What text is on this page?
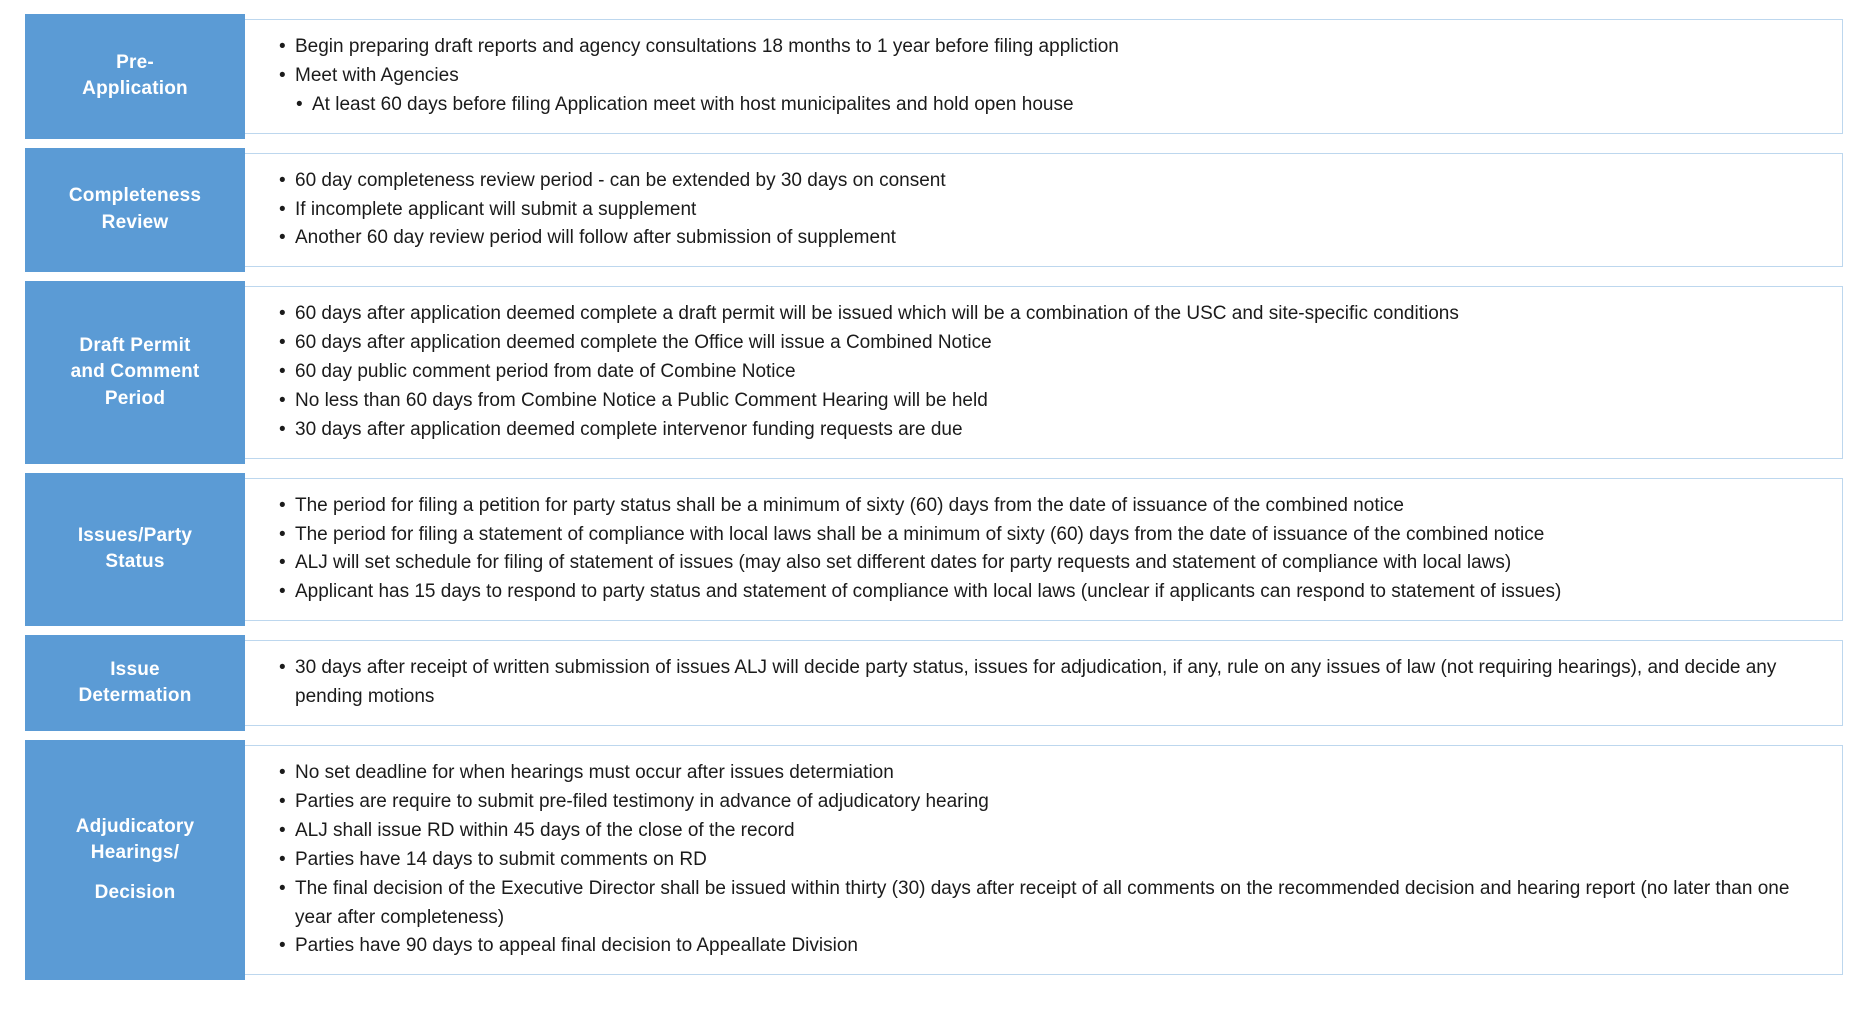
• Begin preparing draft reports and agency consultations 18 months to 1 year before filing appliction
• Meet with Agencies
• At least 60 days before filing Application meet with host municipalites and hold open house
Pre-
Application
• 60 day completeness review period - can be extended by 30 days on consent
• If incomplete applicant will submit a supplement
• Another 60 day review period will follow after submission of supplement
Completeness
Review
• 60 days after application deemed complete a draft permit will be issued which will be a combination of the USC and site-specific conditions
• 60 days after application deemed complete the Office will issue a Combined Notice
• 60 day public comment period from date of Combine Notice
• No less than 60 days from Combine Notice a Public Comment Hearing will be held
• 30 days after application deemed complete intervenor funding requests are due
Draft Permit
and Comment
Period
• The period for filing a petition for party status shall be a minimum of sixty (60) days from the date of issuance of the combined notice
• The period for filing a statement of compliance with local laws shall be a minimum of sixty (60) days from the date of issuance of the combined notice
• ALJ will set schedule for filing of statement of issues (may also set different dates for party requests and statement of compliance with local laws)
• Applicant has 15 days to respond to party status and statement of compliance with local laws (unclear if applicants can respond to statement of issues)
Issues/Party
Status
• 30 days after receipt of written submission of issues ALJ will decide party status, issues for adjudication, if any, rule on any issues of law (not requiring hearings), and decide any pending motions
Issue
Determation
• No set deadline for when hearings must occur after issues determiation
• Parties are require to submit pre-filed testimony in advance of adjudicatory hearing
• ALJ shall issue RD within 45 days of the close of the record
• Parties have 14 days to submit comments on RD
• The final decision of the Executive Director shall be issued within thirty (30) days after receipt of all comments on the recommended decision and hearing report (no later than one year after completeness)
• Parties have 90 days to appeal final decision to Appeallate Division
Adjudicatory
Hearings/
Decision
